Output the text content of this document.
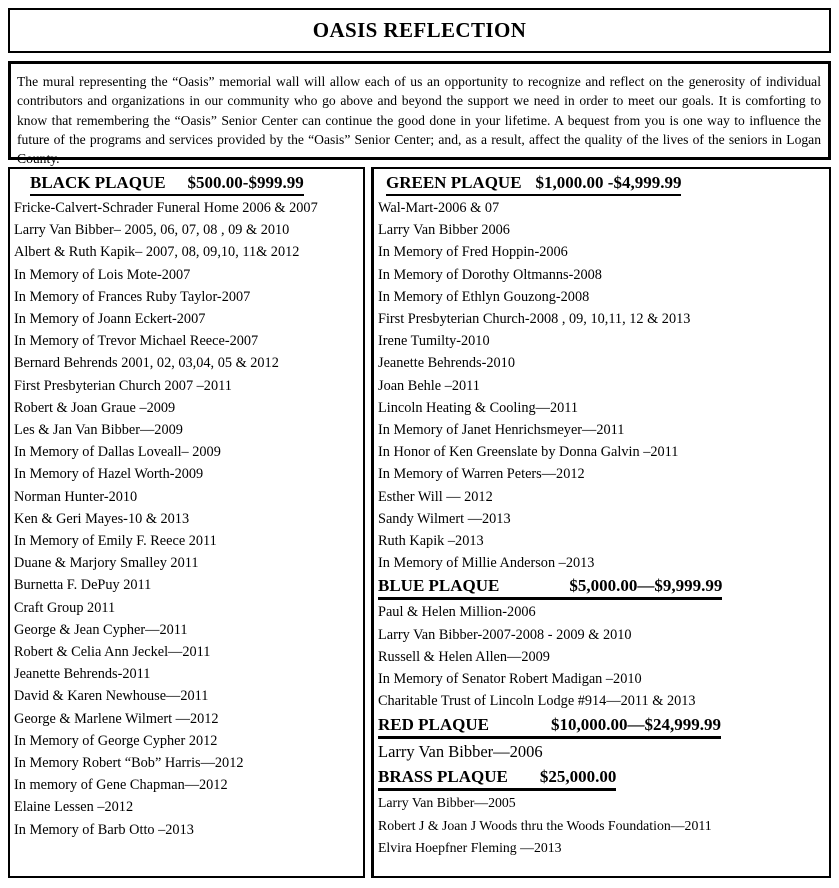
OASIS REFLECTION
The mural representing the “Oasis” memorial wall will allow each of us an opportunity to recognize and reflect on the generosity of individual
contributors and organizations in our community who go above and beyond the support we need in order to meet our goals. It is comforting to
know that remembering the “Oasis” Senior Center can continue the good done in your lifetime. A bequest from you is one way to influence the
future of the programs and services provided by the “Oasis” Senior Center; and, as a result, affect the quality of the lives of the seniors in Logan
County.
BLACK PLAQUE $500.00-$999.99
Fricke-Calvert-Schrader Funeral Home 2006 & 2007
Larry Van Bibber– 2005, 06, 07, 08 , 09 & 2010
Albert & Ruth Kapik– 2007, 08, 09,10, 11& 2012
In Memory of Lois Mote-2007
In Memory of Frances Ruby Taylor-2007
In Memory of Joann Eckert-2007
In Memory of Trevor Michael Reece-2007
Bernard Behrends 2001, 02, 03,04, 05 & 2012
First Presbyterian Church 2007 –2011
Robert & Joan Graue –2009
Les & Jan Van Bibber—2009
In Memory of Dallas Loveall– 2009
In Memory of Hazel Worth-2009
Norman Hunter-2010
Ken & Geri Mayes-10 & 2013
In Memory of Emily F. Reece 2011
Duane & Marjory Smalley 2011
Burnetta F. DePuy 2011
Craft Group 2011
George & Jean Cypher—2011
Robert & Celia Ann Jeckel—2011
Jeanette Behrends-2011
David & Karen Newhouse—2011
George & Marlene Wilmert —2012
In Memory of George Cypher 2012
In Memory Robert “Bob” Harris—2012
In memory of Gene Chapman—2012
Elaine Lessen –2012
In Memory of Barb Otto –2013
GREEN PLAQUE $1,000.00 -$4,999.99
Wal-Mart-2006 & 07
Larry Van Bibber 2006
In Memory of Fred Hoppin-2006
In Memory of Dorothy Oltmanns-2008
In Memory of Ethlyn Gouzong-2008
First Presbyterian Church-2008 , 09, 10,11, 12 & 2013
Irene Tumilty-2010
Jeanette Behrends-2010
Joan Behle –2011
Lincoln Heating & Cooling—2011
In Memory of Janet Henrichsmeyer—2011
In Honor of Ken Greenslate by Donna Galvin –2011
In Memory of Warren Peters—2012
Esther Will — 2012
Sandy Wilmert —2013
Ruth Kapik –2013
In Memory of Millie Anderson –2013
BLUE PLAQUE	$5,000.00—$9,999.99
Paul & Helen Million-2006
Larry Van Bibber-2007-2008 - 2009 & 2010
Russell & Helen Allen—2009
In Memory of Senator Robert Madigan –2010
Charitable Trust of Lincoln Lodge #914—2011 & 2013
RED PLAQUE	$10,000.00—$24,999.99
Larry Van Bibber—2006
BRASS PLAQUE $25,000.00
Larry Van Bibber—2005
Robert J & Joan J Woods thru the Woods Foundation—2011
Elvira Hoepfner Fleming —2013
